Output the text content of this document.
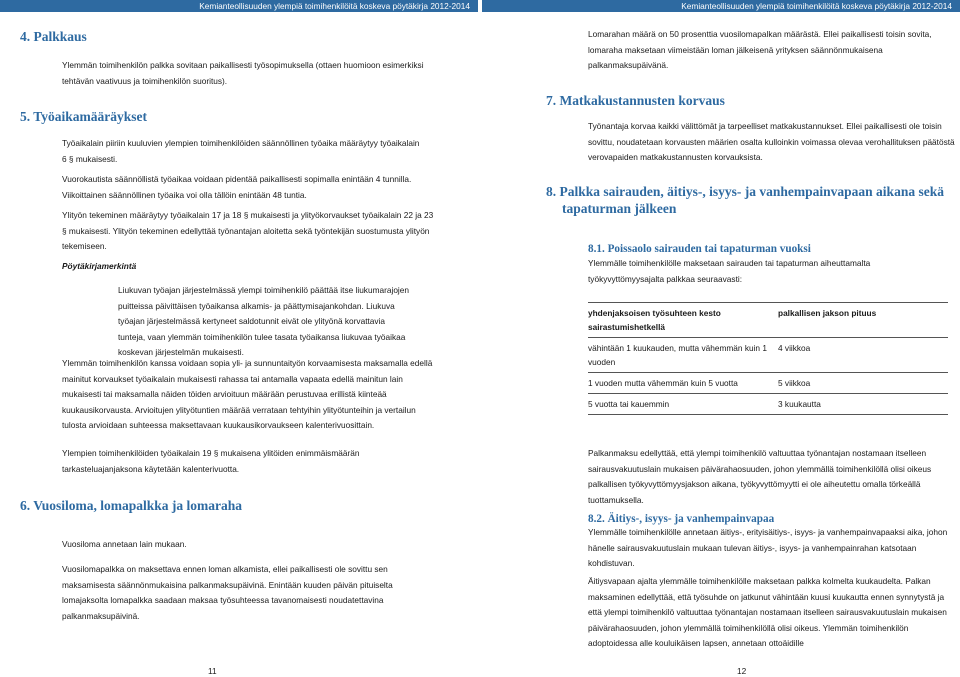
Kemianteollisuuden ylempiä toimihenkilöitä koskeva pöytäkirja 2012-2014
4. Palkkaus
Ylemmän toimihenkilön palkka sovitaan paikallisesti työsopimuksella (ottaen huomioon esimerkiksi tehtävän vaativuus ja toimihenkilön suoritus).
5. Työaikamääräykset
Työaikalain piiriin kuuluvien ylempien toimihenkilöiden säännöllinen työaika määräytyy työaikalain 6 § mukaisesti.
Vuorokautista säännöllistä työaikaa voidaan pidentää paikallisesti sopimalla enintään 4 tunnilla. Viikoittainen säännöllinen työaika voi olla tällöin enintään 48 tuntia.
Ylityön tekeminen määräytyy työaikalain 17 ja 18 § mukaisesti ja ylityökorvaukset työaikalain 22 ja 23 § mukaisesti. Ylityön tekeminen edellyttää työnantajan aloitetta sekä työntekijän suostumusta ylityön tekemiseen.
Pöytäkirjamerkintä
Liukuvan työajan järjestelmässä ylempi toimihenkilö päättää itse liukumarajojen puitteissa päivittäisen työaikansa alkamis- ja päättymisajankohdan. Liukuva työajan järjestelmässä kertyneet saldotunnit eivät ole ylityönä korvattavia tunteja, vaan ylemmän toimihenkilön tulee tasata työaikansa liukuvaa työaikaa koskevan järjestelmän mukaisesti.
Ylemmän toimihenkilön kanssa voidaan sopia yli- ja sunnuntaityön korvaamisesta maksamalla edellä mainitut korvaukset työaikalain mukaisesti rahassa tai antamalla vapaata edellä mainitun lain mukaisesti tai maksamalla näiden töiden arvioituun määrään perustuvaa erillistä kiinteää kuukausikorvausta. Arvioitujen ylityötuntien määrää verrataan tehtyihin ylityötunteihin ja vertailun tulosta arvioidaan suhteessa maksettavaan kuukausikorvaukseen kalenterivuosittain.
Ylempien toimihenkilöiden työaikalain 19 § mukaisena ylitöiden enimmäismäärän tarkasteluajanjaksona käytetään kalenterivuotta.
6. Vuosiloma, lomapalkka ja lomaraha
Vuosiloma annetaan lain mukaan.
Vuosilomapalkka on maksettava ennen loman alkamista, ellei paikallisesti ole sovittu sen maksamisesta säännönmukaisina palkanmaksupäivinä. Enintään kuuden päivän pituiselta lomajaksolta lomapalkka saadaan maksaa työsuhteessa tavanomaisesti noudatettavina palkanmaksupäivinä.
11
Kemianteollisuuden ylempiä toimihenkilöitä koskeva pöytäkirja 2012-2014
Lomarahan määrä on 50 prosenttia vuosilomapalkan määrästä. Ellei paikallisesti toisin sovita, lomaraha maksetaan viimeistään loman jälkeisenä yrityksen säännönmukaisena palkanmaksupäivänä.
7. Matkakustannusten korvaus
Työnantaja korvaa kaikki välittömät ja tarpeelliset matkakustannukset. Ellei paikallisesti ole toisin sovittu, noudatetaan korvausten määrien osalta kulloinkin voimassa olevaa verohallituksen päätöstä verovapaiden matkakustannusten korvauksista.
8. Palkka sairauden, äitiys-, isyys- ja vanhempainvapaan aikana sekä
tapaturman jälkeen
8.1. Poissaolo sairauden tai tapaturman vuoksi
Ylemmälle toimihenkilölle maksetaan sairauden tai tapaturman aiheuttamalta työkyvyttömyysajalta palkkaa seuraavasti:
yhdenjaksoisen työsuhteen kesto sairastumishetkellä	palkallisen jakson pituus
vähintään 1 kuukauden, mutta vähemmän kuin 1 vuoden	4 viikkoa
1 vuoden mutta vähemmän kuin 5 vuotta	5 viikkoa
5 vuotta tai kauemmin	3 kuukautta
Palkanmaksu edellyttää, että ylempi toimihenkilö valtuuttaa työnantajan nostamaan itselleen sairausvakuutuslain mukaisen päivärahaosuuden, johon ylemmällä toimihenkilöllä olisi oikeus palkallisen työkyvyttömyysjakson aikana, työkyvyttömyytti ei ole aiheutettu omalla törkeällä tuottamuksella.
8.2. Äitiys-, isyys- ja vanhempainvapaa
Ylemmälle toimihenkilölle annetaan äitiys-, erityisäitiys-, isyys- ja vanhempainvapaaksi aika, johon hänelle sairausvakuutuslain mukaan tulevan äitiys-, isyys- ja vanhempainrahan katsotaan kohdistuvan.
Äitiysvapaan ajalta ylemmälle toimihenkilölle maksetaan palkka kolmelta kuukaudelta. Palkan maksaminen edellyttää, että työsuhde on jatkunut vähintään kuusi kuukautta ennen synnytystä ja että ylempi toimihenkilö valtuuttaa työnantajan nostamaan itselleen sairausvakuutuslain mukaisen päivärahaosuuden, johon ylemmällä toimihenkilöllä olisi oikeus. Ylemmän toimihenkilön adoptoidessa alle kouluikäisen lapsen, annetaan ottoäidille
12
